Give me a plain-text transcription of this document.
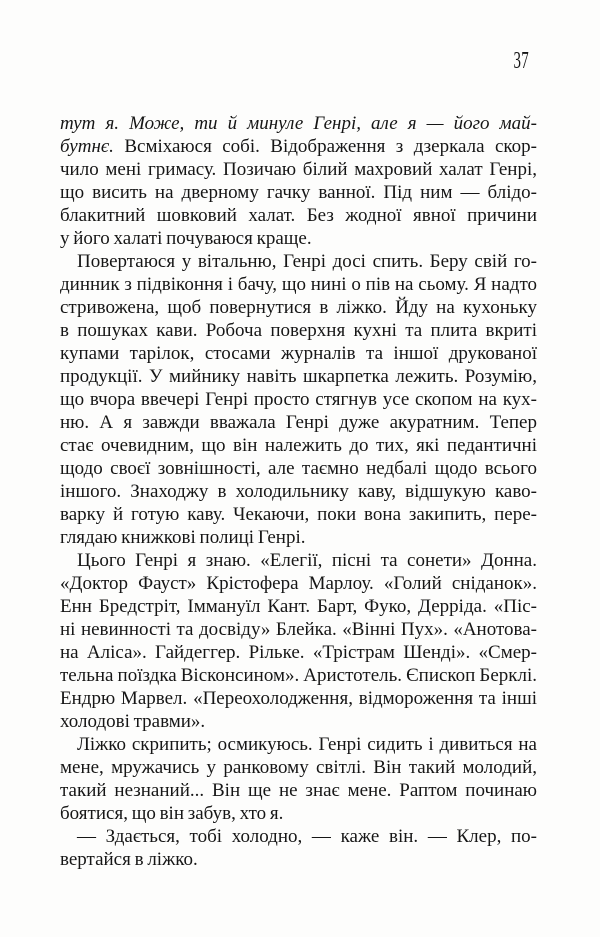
37
тут я. Може, ти й минуле Генрі, але я — його май-
бутнє. Всміхаюся собі. Відображення з дзеркала скор-
чило мені гримасу. Позичаю білий махровий халат Генрі,
що висить на дверному гачку ванної. Під ним — блідо-
блакитний шовковий халат. Без жодної явної причини
у його халаті почуваюся краще.
Повертаюся у вітальню, Генрі досі спить. Беру свій го-
динник з підвіконня і бачу, що нині о пів на сьому. Я надто
стривожена, щоб повернутися в ліжко. Йду на кухоньку
в пошуках кави. Робоча поверхня кухні та плита вкриті
купами тарілок, стосами журналів та іншої друкованої
продукції. У мийнику навіть шкарпетка лежить. Розумію,
що вчора ввечері Генрі просто стягнув усе скопом на кух-
ню. А я завжди вважала Генрі дуже акуратним. Тепер
стає очевидним, що він належить до тих, які педантичні
щодо своєї зовнішності, але таємно недбалі щодо всього
іншого. Знаходжу в холодильнику каву, відшукую каво-
варку й готую каву. Чекаючи, поки вона закипить, пере-
глядаю книжкові полиці Генрі.
Цього Генрі я знаю. «Елегії, пісні та сонети» Донна.
«Доктор Фауст» Крістофера Марлоу. «Голий сніданок».
Енн Бредстріт, Іммануїл Кант. Барт, Фуко, Дерріда. «Піс-
ні невинності та досвіду» Блейка. «Вінні Пух». «Анотова-
на Аліса». Гайдеггер. Рільке. «Трістрам Шенді». «Смер-
тельна поїздка Вісконсином». Аристотель. Єпископ Берклі.
Ендрю Марвел. «Переохолодження, відмороження та інші
холодові травми».
Ліжко скрипить; осмикуюсь. Генрі сидить і дивиться на
мене, мружачись у ранковому світлі. Він такий молодий,
такий незнаний... Він ще не знає мене. Раптом починаю
боятися, що він забув, хто я.
— Здається, тобі холодно, — каже він. — Клер, по-
вертайся в ліжко.
